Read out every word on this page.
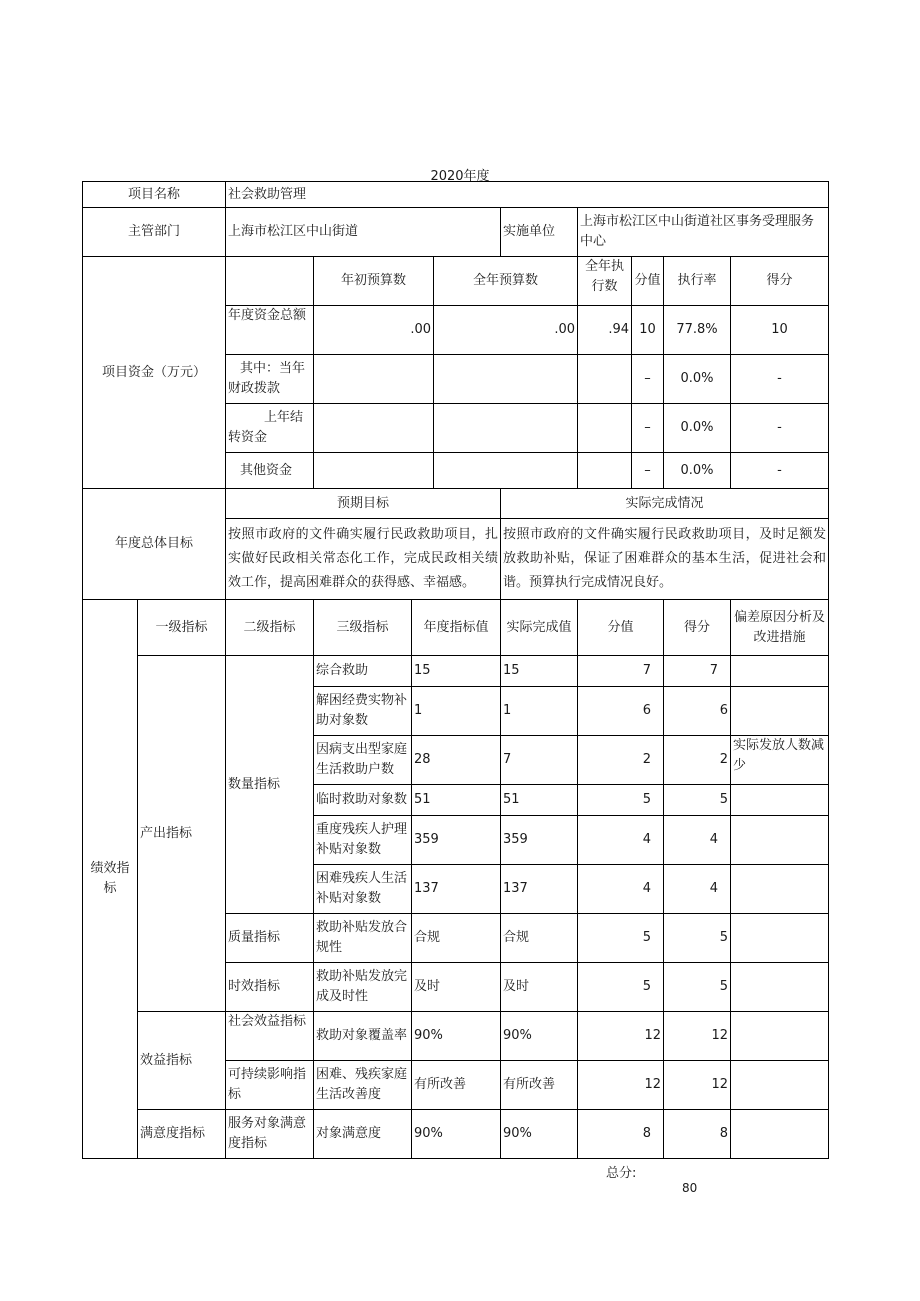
2020年度
项目名称		社会救助管理								
主管部门		上海市松江区中山街道				实施单位	上海市松江区中山街道社区事务受理服务中心			
项目资金（万元）			年初预算数		全年预算数		全年执行数	分值	执行率	得分
		年度资金总额	.00		.00		.94	10	77.8%	10
		其中：当年财政拨款						–	0.0%	-
		上年结转资金						–	0.0%	-
		其他资金						–	0.0%	-
年度总体目标		预期目标				实际完成情况				
		按照市政府的文件确实履行民政救助项目，扎实做好民政相关常态化工作，完成民政相关绩效工作，提高困难群众的获得感、幸福感。				按照市政府的文件确实履行民政救助项目，及时足额发放救助补贴，保证了困难群众的基本生活，促进社会和谐。预算执行完成情况良好。				
绩效指标	一级指标	二级指标	三级指标	年度指标值		实际完成值	分值		得分	偏差原因分析及改进措施
	产出指标	数量指标	综合救助	15		15	7		7	
			解困经费实物补助对象数	1		1	6		6	
			因病支出型家庭生活救助户数	28		7	2		2	实际发放人数减少
			临时救助对象数	51		51	5		5	
			重度残疾人护理补贴对象数	359		359	4		4	
			困难残疾人生活补贴对象数	137		137	4		4	
		质量指标	救助补贴发放合规性	合规		合规	5		5	
		时效指标	救助补贴发放完成及时性	及时		及时	5		5	
	效益指标	社会效益指标	救助对象覆盖率	90%		90%	12		12	
		可持续影响指标	困难、残疾家庭生活改善度	有所改善		有所改善	12		12	
	满意度指标	服务对象满意度指标	对象满意度	90%		90%	8		8	
总分:
80
